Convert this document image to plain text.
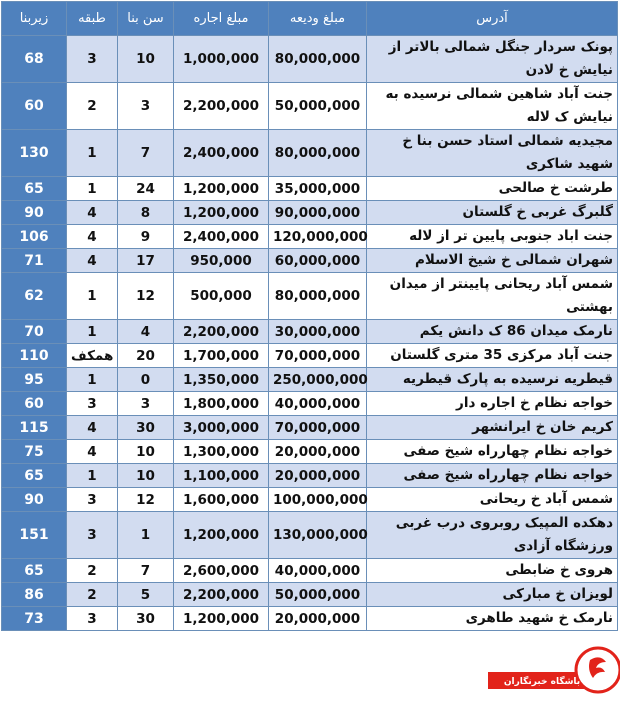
آدرس	مبلغ ودیعه	مبلغ اجاره	سن بنا	طبقه	زیربنا
پونک سردار جنگل شمالی بالاتر از نیایش خ لادن	80,000,000	1,000,000	10	3	68
جنت آباد شاهین شمالی نرسیده به نیایش ک لاله	50,000,000	2,200,000	3	2	60
مجیدیه شمالی استاد حسن بنا خ شهید شاکری	80,000,000	2,400,000	7	1	130
طرشت خ صالحی	35,000,000	1,200,000	24	1	65
گلبرگ غربی خ گلستان	90,000,000	1,200,000	8	4	90
جنت اباد جنوبی پایین تر از لاله	120,000,000	2,400,000	9	4	106
شهران شمالی خ شیخ الاسلام	60,000,000	950,000	17	4	71
شمس آباد ریحانی پایینتر از میدان بهشتی	80,000,000	500,000	12	1	62
نارمک میدان 86 ک دانش یکم	30,000,000	2,200,000	4	1	70
جنت آباد مرکزی 35 متری گلستان	70,000,000	1,700,000	20	همکف	110
قیطریه نرسیده به پارک قیطریه	250,000,000	1,350,000	0	1	95
خواجه نظام خ اجاره دار	40,000,000	1,800,000	3	3	60
کریم خان خ ایرانشهر	70,000,000	3,000,000	30	4	115
خواجه نظام چهارراه شیخ صفی	20,000,000	1,300,000	10	4	75
خواجه نظام چهارراه شیخ صفی	20,000,000	1,100,000	10	1	65
شمس آباد خ ریحانی	100,000,000	1,600,000	12	3	90
دهکده المپیک روبروی درب غربی ورزشگاه آزادی	130,000,000	1,200,000	1	3	151
هروی خ ضابطی	40,000,000	2,600,000	7	2	65
لویزان خ مبارکی	50,000,000	2,200,000	5	2	86
نارمک خ شهید طاهری	20,000,000	1,200,000	30	3	73
باشگاه خبرنگاران
